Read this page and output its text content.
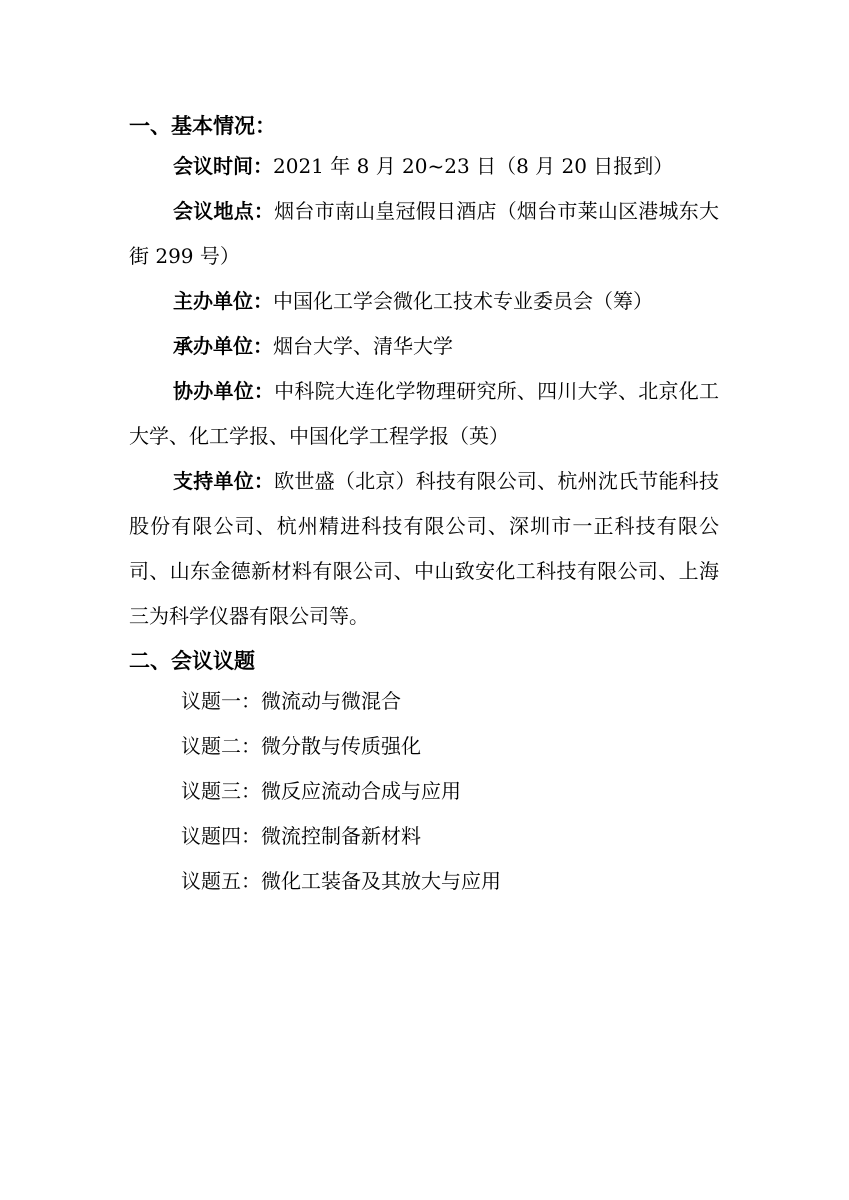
一、基本情况：

会议时间：2021 年 8 月 20~23 日（8 月 20 日报到）

会议地点：烟台市南山皇冠假日酒店（烟台市莱山区港城东大街 299 号）

主办单位：中国化工学会微化工技术专业委员会（筹）

承办单位：烟台大学、清华大学

协办单位：中科院大连化学物理研究所、四川大学、北京化工大学、化工学报、中国化学工程学报（英）

支持单位：欧世盛（北京）科技有限公司、杭州沈氏节能科技股份有限公司、杭州精进科技有限公司、深圳市一正科技有限公司、山东金德新材料有限公司、中山致安化工科技有限公司、上海三为科学仪器有限公司等。

二、会议议题
议题一：微流动与微混合
议题二：微分散与传质强化
议题三：微反应流动合成与应用
议题四：微流控制备新材料
议题五：微化工装备及其放大与应用
